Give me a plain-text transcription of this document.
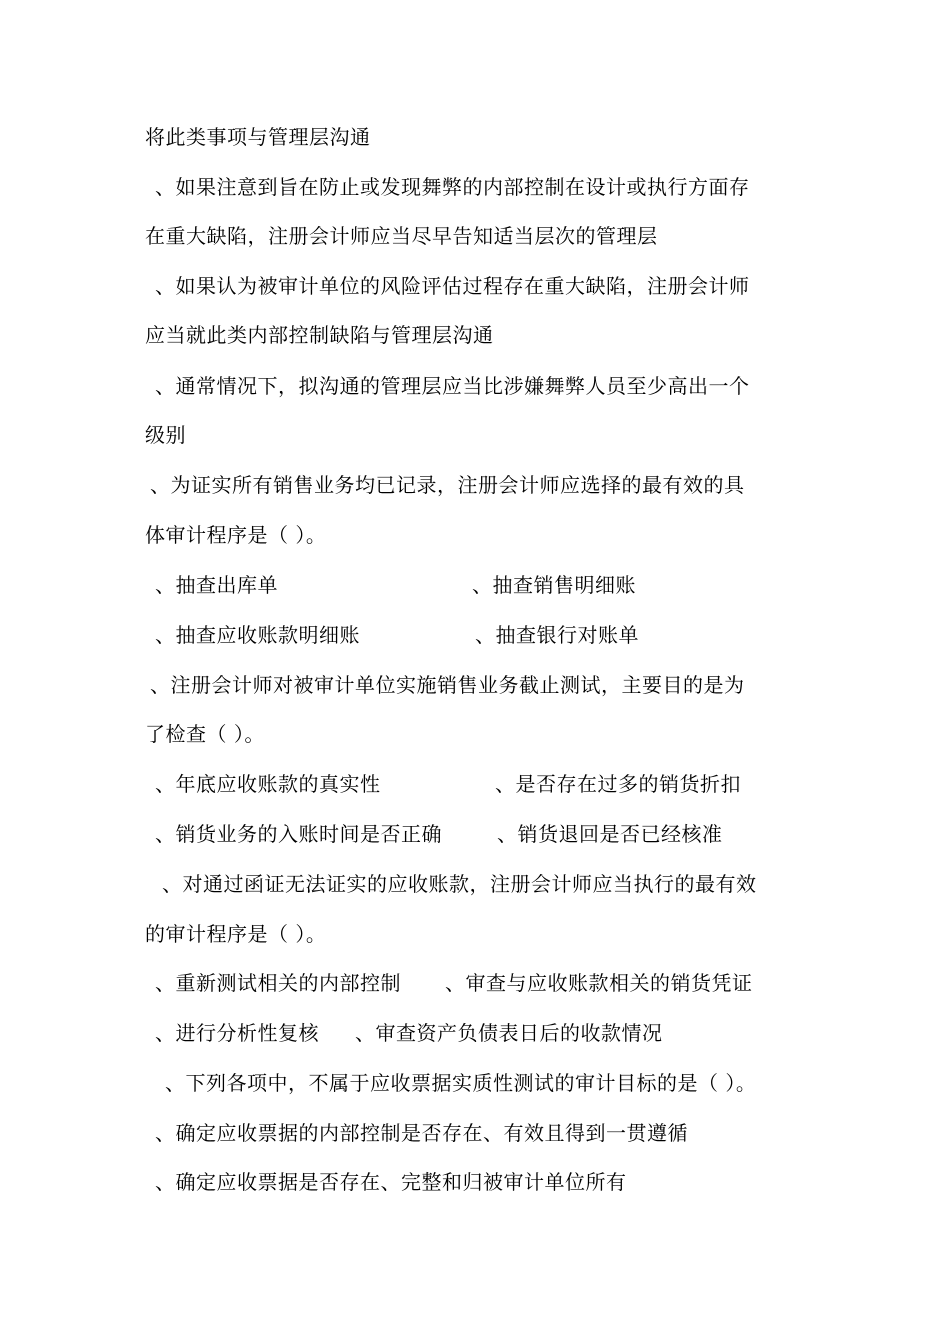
将此类事项与管理层沟通
、如果注意到旨在防止或发现舞弊的内部控制在设计或执行方面存
在重大缺陷，注册会计师应当尽早告知适当层次的管理层
、如果认为被审计单位的风险评估过程存在重大缺陷，注册会计师
应当就此类内部控制缺陷与管理层沟通
、通常情况下，拟沟通的管理层应当比涉嫌舞弊人员至少高出一个
级别
、为证实所有销售业务均已记录，注册会计师应选择的最有效的具
体审计程序是（ ）。
、抽查出库单	、抽查销售明细账
、抽查应收账款明细账	、抽查银行对账单
、注册会计师对被审计单位实施销售业务截止测试，主要目的是为
了检查（ ）。
、年底应收账款的真实性	、是否存在过多的销货折扣
、销货业务的入账时间是否正确	、销货退回是否已经核准
、对通过函证无法证实的应收账款，注册会计师应当执行的最有效
的审计程序是（ ）。
、重新测试相关的内部控制 、审查与应收账款相关的销货凭证
、进行分析性复核 、审查资产负债表日后的收款情况
、下列各项中，不属于应收票据实质性测试的审计目标的是（ ）。
、确定应收票据的内部控制是否存在、有效且得到一贯遵循
、确定应收票据是否存在、完整和归被审计单位所有
